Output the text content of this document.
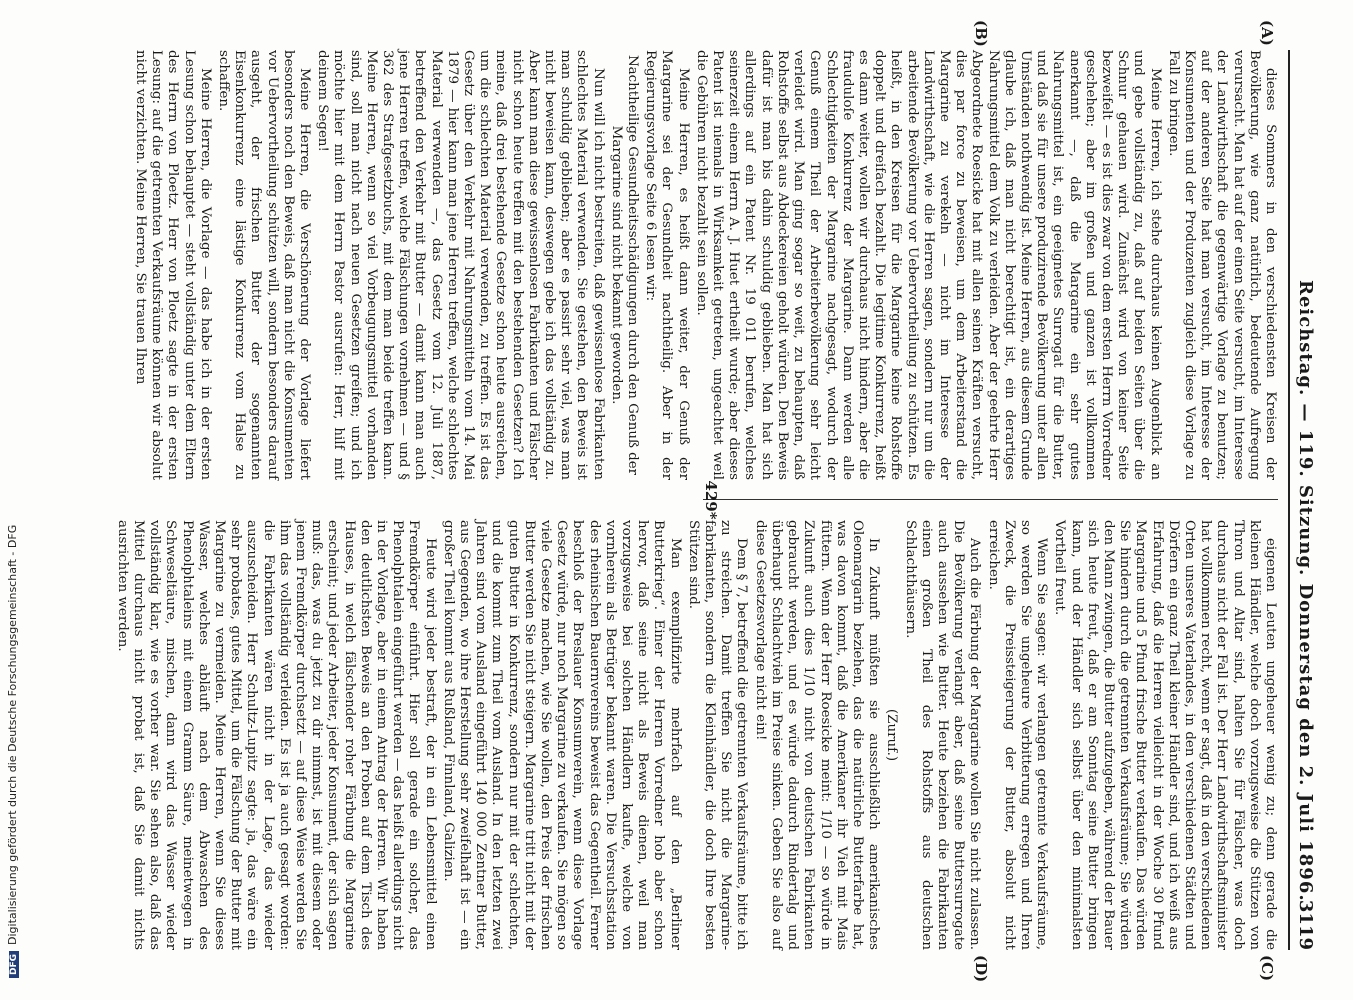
Reichstag. — 119. Sitzung. Donnerstag den 2. Juli 1896.
3119

dieses Sommers in den verschiedensten Kreisen der Bevölkerung, wie ganz natürlich, bedeutende Aufregung verursacht. Man hat auf der einen Seite versucht, im Interesse der Landwirthschaft die gegenwärtige Vorlage zu benutzen; auf der anderen Seite hat man versucht, im Interesse der Konsumenten und der Produzenten zugleich diese Vorlage zu Fall zu bringen.

Meine Herren, ich stehe durchaus keinen Augenblick an und gebe vollständig zu, daß auf beiden Seiten über die Schnur gehauen wird. Zunächst wird von keiner Seite bezweifelt — es ist dies zwar von dem ersten Herrn Vorredner geschehen; aber im großen und ganzen ist vollkommen anerkannt —, daß die Margarine ein sehr gutes Nahrungsmittel ist, ein geeignetes Surrogat für die Butter, und daß sie für unsere produzirende Bevölkerung unter allen Umständen nothwendig ist. Meine Herren, aus diesem Grunde glaube ich, daß man nicht berechtigt ist, ein derartiges Nahrungsmittel dem Volk zu verleiden. Aber der geehrte Herr Abgeordnete Roesicke hat mit allen seinen Kräften versucht, dies par force zu beweisen, um dem Arbeiterstand die Margarine zu verekeln — nicht im Interesse der Landwirthschaft, wie die Herren sagen, sondern nur um die arbeitende Bevölkerung vor Uebervortheilung zu schützen. Es heißt, in den Kreisen für die Margarine keine Rohstoffe doppelt und dreifach bezahlt. Die legitime Konkurrenz, heißt es dann weiter, wollen wir durchaus nicht hindern, aber die frauduloſe Konkurrenz der Margarine. Dann werden alle Schlechtigkeiten der Margarine nachgesagt, wodurch der Genuß einem Theil der Arbeiterbevölkerung sehr leicht verleidet wird. Man ging sogar so weit, zu behaupten, daß Rohstoffe selbst aus Abdeckereien geholt würden. Den Beweis dafür ist man bis dahin schuldig geblieben. Man hat sich allerdings auf ein Patent Nr. 19 011 berufen, welches seinerzeit einem Herrn A. J. Huet ertheilt wurde; aber dieses Patent ist niemals in Wirksamkeit getreten, ungeachtet weil die Gebühren nicht bezahlt sein sollen.

Meine Herren, es heißt dann weiter, der Genuß der Margarine sei der Gesundheit nachtheilig. Aber in der Regierungsvorlage Seite 6 lesen wir:

Nachtheilige Gesundheitsschädigungen durch den Genuß der Margarine sind nicht bekannt geworden.

Nun will ich nicht bestreiten, daß gewissenlose Fabrikanten schlechtes Material verwenden. Sie gestehen, den Beweis ist man schuldig geblieben; aber es passirt sehr viel, was man nicht beweisen kann, deswegen gebe ich das vollständig zu. Aber kann man diese gewissenlosen Fabrikanten und Fälscher nicht schon heute treffen mit den bestehenden Gesetzen? Ich meine, daß drei bestehende Gesetze schon heute ausreichen, um die schlechten Material verwenden, zu treffen. Es ist das Gesetz über den Verkehr mit Nahrungsmitteln vom 14. Mai 1879 — hier kann man jene Herren treffen, welche schlechtes Material verwenden —, das Gesetz vom 12. Juli 1887, betreffend den Verkehr mit Butter — damit kann man auch jene Herren treffen, welche Fälschungen vornehmen — und § 362 des Strafgesetzbuchs, mit dem man beide treffen kann. Meine Herren, wenn so viel Vorbeugungsmittel vorhanden sind, soll man nicht nach neuen Gesetzen greifen; und ich möchte hier mit dem Herrn Pastor ausrufen: Herr, hilf mit deinem Segen!

Meine Herren, die Verschönerung der Vorlage liefert besonders noch den Beweis, daß man nicht die Konsumenten vor Uebervortheilung schützen will, sondern besonders darauf ausgeht, der frischen Butter der sogenannten Eisenkonkurrenz eine lästige Konkurrenz vom Halse zu schaffen.

Meine Herren, die Vorlage — das habe ich in der ersten Lesung schon behauptet — steht vollständig unter dem Eltern des Herrn von Ploetz. Herr von Ploetz sagte in der ersten Lesung: auf die getrennten Verkaufsräume können wir absolut nicht verzichten. Meine Herren, Sie trauen Ihren

eigenen Leuten ungeheuer wenig zu; denn gerade die kleinen Händler, welche doch vorzugsweise die Stützen von Thron und Altar sind, halten Sie für Fälscher, was doch durchaus nicht der Fall ist. Der Herr Landwirthschaftsminister hat vollkommen recht, wenn er sagt, daß in den verschiedenen Orten unseres Vaterlandes, in den verschiedenen Städten und Dörfern ein ganz Theil kleiner Händler sind, und ich weiß aus Erfahrung, daß die Herren vielleicht in der Woche 30 Pfund Margarine und 5 Pfund frische Butter verkaufen. Das würden Sie hindern durch die getrennten Verkaufsräume; Sie würden den Mann zwingen, die Butter aufzugeben, während der Bauer sich heute freut, daß er am Sonntag seine Butter bringen kann, und der Händler sich selbst über den minimalsten Vortheil freut.

Wenn Sie sagen: wir verlangen getrennte Verkaufsräume, so werden Sie ungeheure Verbitterung erregen und Ihren Zweck, die Preissteigerung der Butter, absolut nicht erreichen.

Auch die Färbung der Margarine wollen Sie nicht zulassen. Die Bevölkerung verlangt aber, daß seine Buttersurrogate auch aussehen wie Butter. Heute beziehen die Fabrikanten einen großen Theil des Rohstoffs aus deutschen Schlachthäusern.

(Zuruf.)

In Zukunft müßten sie ausschließlich amerikanisches Oleomargarin beziehen, das die natürliche Butterfarbe hat, was davon kommt, daß die Amerikaner ihr Vieh mit Mais füttern. Wenn der Herr Roesicke meint: 1/10 — so würde in Zukunft auch dies 1/10 nicht von deutschen Fabrikanten gebraucht werden, und es würde dadurch Rindertalg und überhaupt Schlachtvieh im Preise sinken. Geben Sie also auf diese Gesetzesvorlage nicht ein!

Dem § 7, betreffend die getrennten Verkaufsräume, bitte ich zu streichen. Damit treffen Sie nicht die Margarinefabrikanten, sondern die Kleinhändler, die doch Ihre besten Stützen sind.

Man exemplifizirte mehrfach auf den „Berliner Butterkrieg“. Einer der Herren Vorredner hob aber schon hervor, daß seine nicht als Beweis dienen, weil man vorzugsweise bei solchen Händlern kaufte, welche von vornherein als Betrüger bekannt waren. Die Versuchsstation des rheinischen Bauernvereins beweist das Gegentheil. Ferner beschloß der Breslauer Konsumverein, wenn diese Vorlage Gesetz würde, nur noch Margarine zu verkaufen. Sie mögen so viele Gesetze machen, wie Sie wollen, den Preis der frischen Butter werden Sie nicht steigern. Margarine tritt nicht mit der guten Butter in Konkurrenz, sondern nur mit der schlechten, und die kommt zum Theil vom Ausland. In den letzten zwei Jahren sind vom Ausland eingeführt 140 000 Zentner Butter, aus Gegenden, wo ihre Herstellung sehr zweifelhaft ist — ein großer Theil kommt aus Rußland, Finnland, Galizien.

Heute wird jeder bestraft, der in ein Lebensmittel einen Fremdkörper einführt. Hier soll gerade ein solcher, das Phenolphtalein eingeführt werden — das heißt allerdings nicht in der Vorlage, aber in einem Antrag der Herren. Wir haben den deutlichsten Beweis an den Proben auf dem Tisch des Hauses, in welch fälschender roher Färbung die Margarine erscheint; und jeder Arbeiter, jeder Konsument, der sich sagen muß: das, was du jetzt zu dir nimmst, ist mit diesem oder jenem Fremdkörper durchsetzt — auf diese Weise werden Sie ihm das vollständig verleiden. Es ist ja auch gesagt worden: die Fabrikanten wären nicht in der Lage, das wieder auszuscheiden. Herr Schultz-Lupitz sagte: ja, das wäre ein sehr probates, gutes Mittel, um die Fälschung der Butter mit Margarine zu vermeiden. Meine Herren, wenn Sie dieses Wasser, welches abläuft nach dem Abwaschen des Phenolphtaleins mit einem Gramm Säure, meinetwegen in Schweseltäure, mischen, dann wird das Wasser wieder vollständig klar, wie es vorher war. Sie sehen also, daß das Mittel durchaus nicht probat ist, daß Sie damit nichts ausrichten werden.

(A)
(B)
(C)
(D)
429*
DFGDigitalisierung gefördert durch die Deutsche Forschungsgemeinschaft - DFG
